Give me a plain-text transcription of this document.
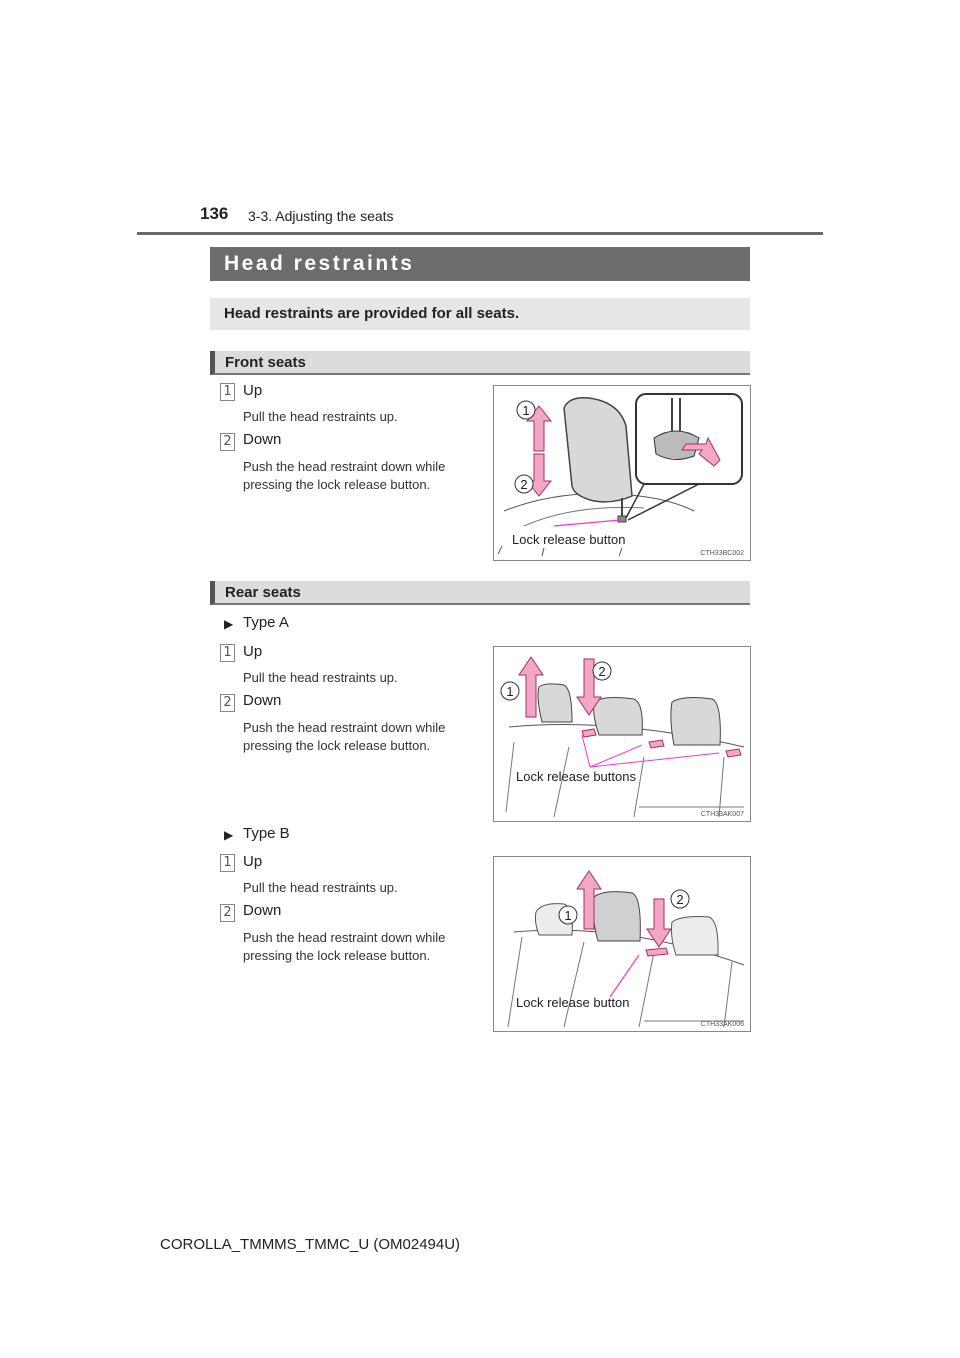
136 3-3. Adjusting the seats
Head restraints
Head restraints are provided for all seats.
Front seats
1 Up
Pull the head restraints up.
2 Down
Push the head restraint down while pressing the lock release button.
1
2
Lock release button
CTH33BC002
Rear seats
▶ Type A
1 Up
Pull the head restraints up.
2 Down
Push the head restraint down while pressing the lock release button.
1
2
Lock release buttons
CTH33AK007
▶ Type B
1 Up
Pull the head restraints up.
2 Down
Push the head restraint down while pressing the lock release button.
1
2
Lock release button
CTH33AK006
COROLLA_TMMMS_TMMC_U (OM02494U)
